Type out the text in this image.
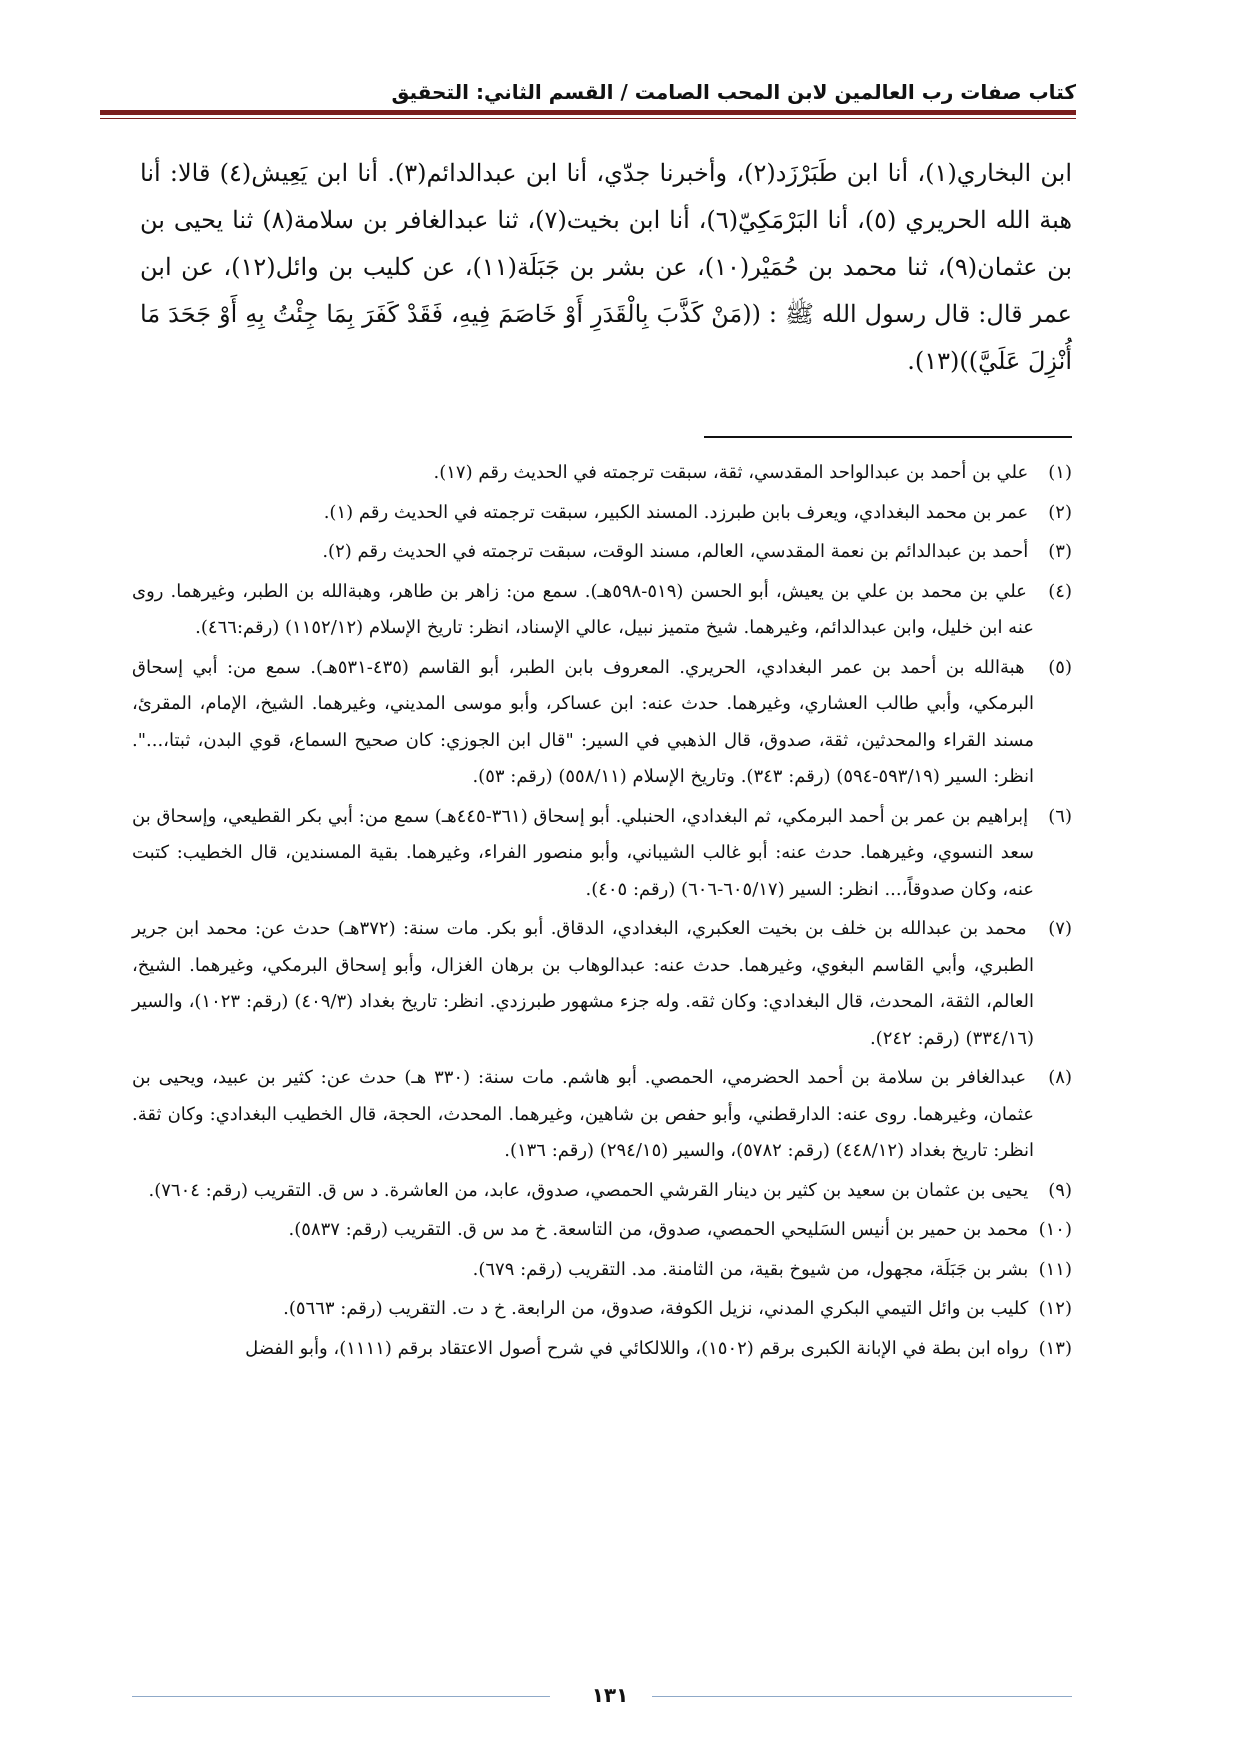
كتاب صفات رب العالمين لابن المحب الصامت / القسم الثاني: التحقيق

ابن البخاري(١)، أنا ابن طَبَرْزَد(٢)، وأخبرنا جدّي، أنا ابن عبدالدائم(٣). أنا ابن يَعِيش(٤) قالا: أنا هبة الله الحريري (٥)، أنا البَرْمَكِيّ(٦)، أنا ابن بخيت(٧)، ثنا عبدالغافر بن سلامة(٨) ثنا يحيى بن بن عثمان(٩)، ثنا محمد بن حُمَيْر(١٠)، عن بشر بن جَبَلَة(١١)، عن كليب بن وائل(١٢)، عن ابن عمر قال: قال رسول الله ﷺ : ((مَنْ كَذَّبَ بِالْقَدَرِ أَوْ خَاصَمَ فِيهِ، فَقَدْ كَفَرَ بِمَا جِئْتُ بِهِ أَوْ جَحَدَ مَا أُنْزِلَ عَلَيَّ))(١٣).

(١) علي بن أحمد بن عبدالواحد المقدسي، ثقة، سبقت ترجمته في الحديث رقم (١٧).

(٢) عمر بن محمد البغدادي، ويعرف بابن طبرزد. المسند الكبير، سبقت ترجمته في الحديث رقم (١).

(٣) أحمد بن عبدالدائم بن نعمة المقدسي، العالم، مسند الوقت، سبقت ترجمته في الحديث رقم (٢).

(٤) علي بن محمد بن علي بن يعيش، أبو الحسن (٥١٩-٥٩٨هـ). سمع من: زاهر بن طاهر، وهبةالله بن الطبر، وغيرهما. روى عنه ابن خليل، وابن عبدالدائم، وغيرهما. شيخ متميز نبيل، عالي الإسناد، انظر: تاريخ الإسلام (١١٥٢/١٢) (رقم:٤٦٦).

(٥) هبةالله بن أحمد بن عمر البغدادي، الحريري. المعروف بابن الطبر، أبو القاسم (٤٣٥-٥٣١هـ). سمع من: أبي إسحاق البرمكي، وأبي طالب العشاري، وغيرهما. حدث عنه: ابن عساكر، وأبو موسى المديني، وغيرهما. الشيخ، الإمام، المقرئ، مسند القراء والمحدثين، ثقة، صدوق، قال الذهبي في السير: "قال ابن الجوزي: كان صحيح السماع، قوي البدن، ثبتا،...". انظر: السير (٥٩٣/١٩-٥٩٤) (رقم: ٣٤٣). وتاريخ الإسلام (٥٥٨/١١) (رقم: ٥٣).

(٦) إبراهيم بن عمر بن أحمد البرمكي، ثم البغدادي، الحنبلي. أبو إسحاق (٣٦١-٤٤٥هـ) سمع من: أبي بكر القطيعي، وإسحاق بن سعد النسوي، وغيرهما. حدث عنه: أبو غالب الشيباني، وأبو منصور الفراء، وغيرهما. بقية المسندين، قال الخطيب: كتبت عنه، وكان صدوقاً،... انظر: السير (٦٠٥/١٧-٦٠٦) (رقم: ٤٠٥).

(٧) محمد بن عبدالله بن خلف بن بخيت العكبري، البغدادي، الدقاق. أبو بكر. مات سنة: (٣٧٢هـ) حدث عن: محمد ابن جرير الطبري، وأبي القاسم البغوي، وغيرهما. حدث عنه: عبدالوهاب بن برهان الغزال، وأبو إسحاق البرمكي، وغيرهما. الشيخ، العالم، الثقة، المحدث، قال البغدادي: وكان ثقه. وله جزء مشهور طبرزدي. انظر: تاريخ بغداد (٤٠٩/٣) (رقم: ١٠٢٣)، والسير (٣٣٤/١٦) (رقم: ٢٤٢).

(٨) عبدالغافر بن سلامة بن أحمد الحضرمي، الحمصي. أبو هاشم. مات سنة: (٣٣٠ هـ) حدث عن: كثير بن عبيد، ويحيى بن عثمان، وغيرهما. روى عنه: الدارقطني، وأبو حفص بن شاهين، وغيرهما. المحدث، الحجة، قال الخطيب البغدادي: وكان ثقة. انظر: تاريخ بغداد (٤٤٨/١٢) (رقم: ٥٧٨٢)، والسير (٢٩٤/١٥) (رقم: ١٣٦).

(٩) يحيى بن عثمان بن سعيد بن كثير بن دينار القرشي الحمصي، صدوق، عابد، من العاشرة. د س ق. التقريب (رقم: ٧٦٠٤).

(١٠) محمد بن حمير بن أنيس السَليحي الحمصي، صدوق، من التاسعة. خ مد س ق. التقريب (رقم: ٥٨٣٧).

(١١) بشر بن جَبَلَة، مجهول، من شيوخ بقية، من الثامنة. مد. التقريب (رقم: ٦٧٩).

(١٢) كليب بن وائل التيمي البكري المدني، نزيل الكوفة، صدوق، من الرابعة. خ د ت. التقريب (رقم: ٥٦٦٣).

(١٣) رواه ابن بطة في الإبانة الكبرى برقم (١٥٠٢)، واللالكائي في شرح أصول الاعتقاد برقم (١١١١)، وأبو الفضل

١٣١
